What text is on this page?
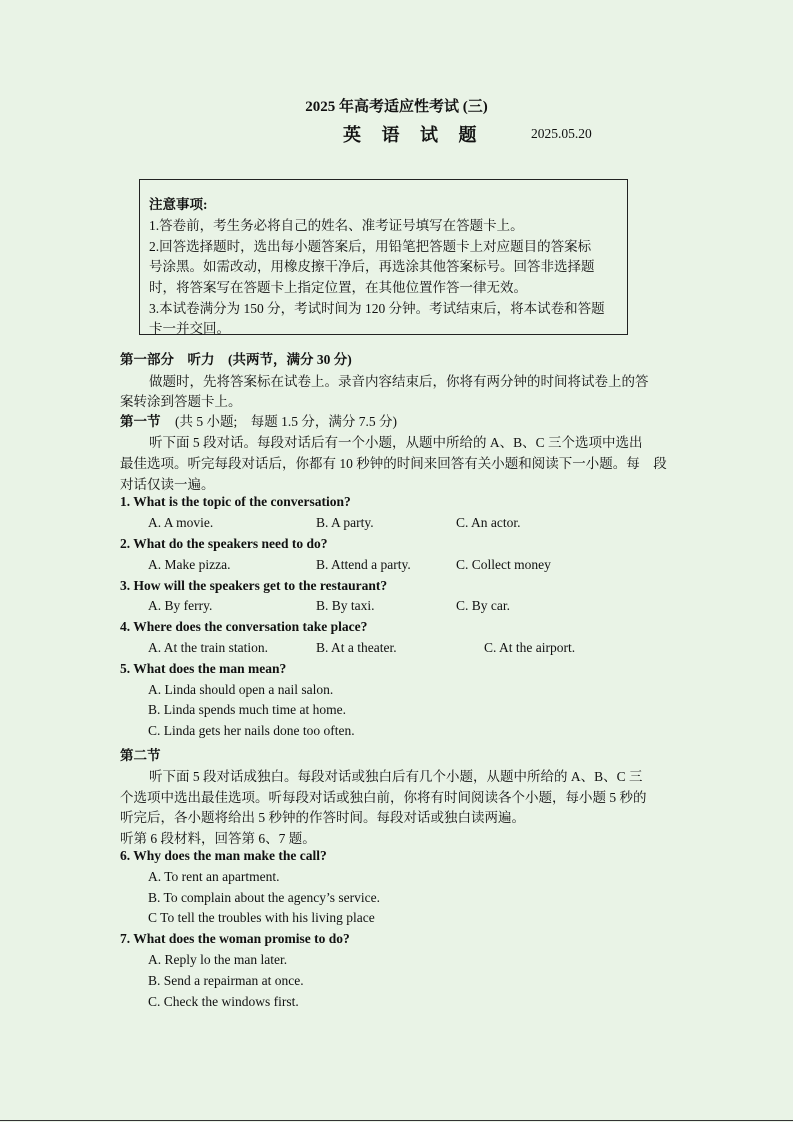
2025 年高考适应性考试 (三)
英 语 试 题	2025.05.20
注意事项:
1.答卷前，考生务必将自己的姓名、准考证号填写在答题卡上。
2.回答选择题时，选出每小题答案后，用铅笔把答题卡上对应题目的答案标
号涂黑。如需改动，用橡皮擦干净后，再选涂其他答案标号。回答非选择题
时，将答案写在答题卡上指定位置，在其他位置作答一律无效。
3.本试卷满分为 150 分，考试时间为 120 分钟。考试结束后，将本试卷和答题
卡一并交回。
第一部分　听力　(共两节，满分 30 分)
做题时，先将答案标在试卷上。录音内容结束后，你将有两分钟的时间将试卷上的答
案转涂到答题卡上。
第一节 (共 5 小题;　每题 1.5 分，满分 7.5 分)
听下面 5 段对话。每段对话后有一个小题，从题中所给的 A、B、C 三个选项中选出
最佳选项。听完每段对话后，你都有 10 秒钟的时间来回答有关小题和阅读下一小题。每　段
对话仅读一遍。
1. What is the topic of the conversation?
A. A movie.	B. A party.	C. An actor.
2. What do the speakers need to do?
A. Make pizza.	B. Attend a party.	C. Collect money
3. How will the speakers get to the restaurant?
A. By ferry.	B. By taxi.	C. By car.
4. Where does the conversation take place?
A. At the train station.	B. At a theater.	C. At the airport.
5. What does the man mean?
A. Linda should open a nail salon.
B. Linda spends much time at home.
C. Linda gets her nails done too often.
第二节
听下面 5 段对话成独白。每段对话或独白后有几个小题，从题中所给的 A、B、C 三
个选项中选出最佳选项。听每段对话或独白前，你将有时间阅读各个小题，每小题 5 秒的
听完后，各小题将给出 5 秒钟的作答时间。每段对话或独白读两遍。
听第 6 段材料，回答第 6、7 题。
6. Why does the man make the call?
A. To rent an apartment.
B. To complain about the agency’s service.
C To tell the troubles with his living place
7. What does the woman promise to do?
A. Reply lo the man later.
B. Send a repairman at once.
C. Check the windows first.
